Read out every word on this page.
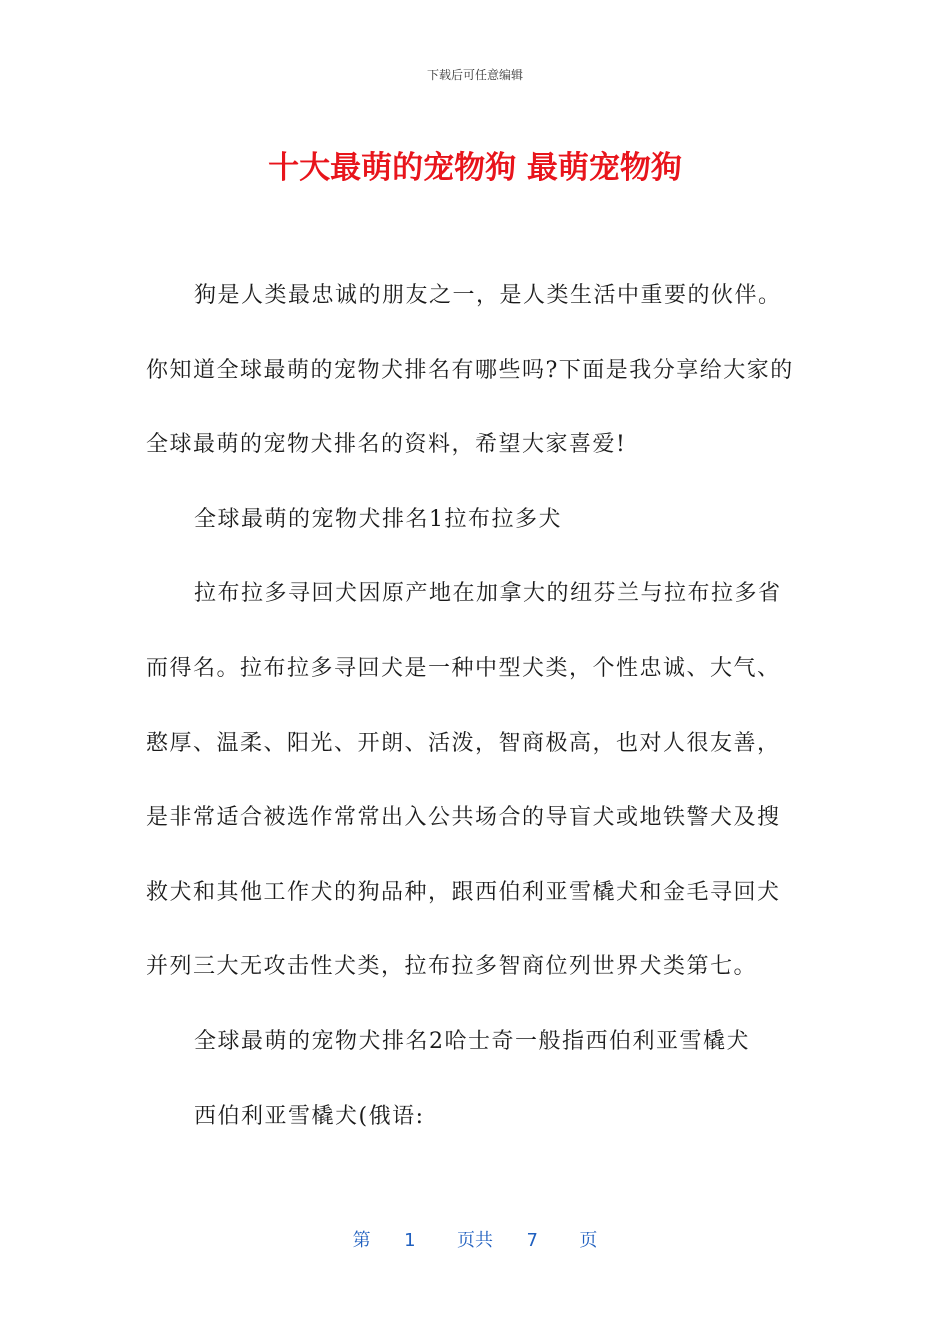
下载后可任意编辑
十大最萌的宠物狗 最萌宠物狗
狗是人类最忠诚的朋友之一，是人类生活中重要的伙伴。
你知道全球最萌的宠物犬排名有哪些吗?下面是我分享给大家的
全球最萌的宠物犬排名的资料，希望大家喜爱!
全球最萌的宠物犬排名1拉布拉多犬
拉布拉多寻回犬因原产地在加拿大的纽芬兰与拉布拉多省
而得名。拉布拉多寻回犬是一种中型犬类，个性忠诚、大气、
憨厚、温柔、阳光、开朗、活泼，智商极高，也对人很友善，
是非常适合被选作常常出入公共场合的导盲犬或地铁警犬及搜
救犬和其他工作犬的狗品种，跟西伯利亚雪橇犬和金毛寻回犬
并列三大无攻击性犬类，拉布拉多智商位列世界犬类第七。
全球最萌的宠物犬排名2哈士奇一般指西伯利亚雪橇犬
西伯利亚雪橇犬(俄语:
第 1 页共 7 页
